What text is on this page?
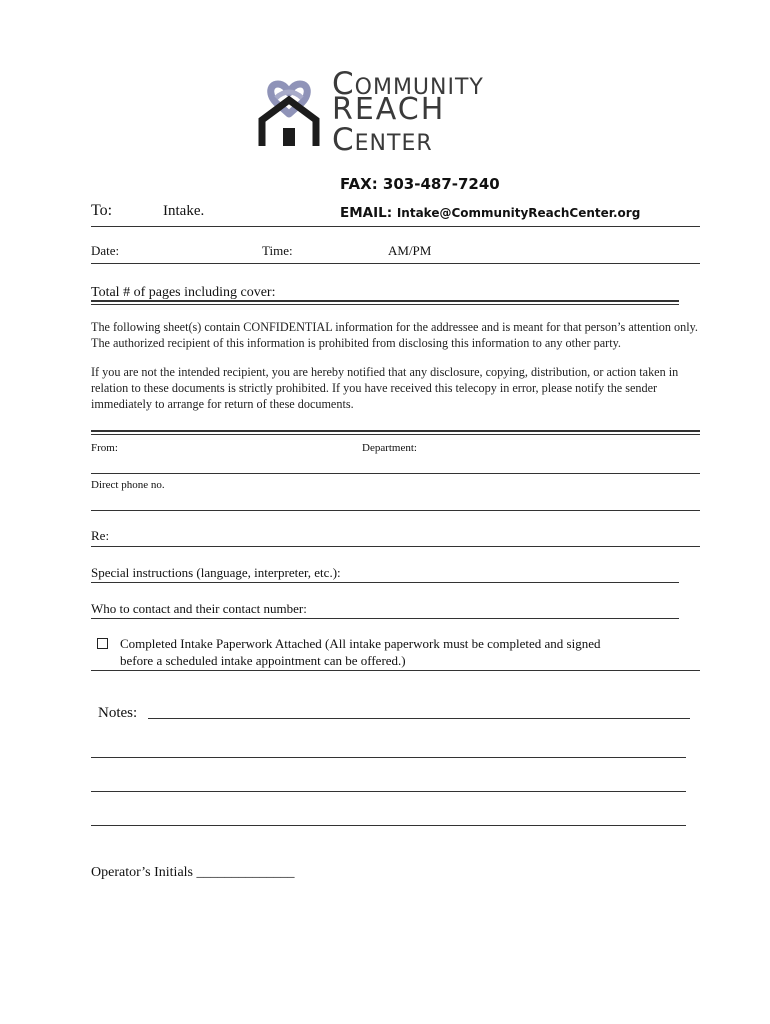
COMMUNITY
REACH
CENTER
FAX: 303-487-7240
To:	Intake.	EMAIL: Intake@CommunityReachCenter.org
Date:	Time:	AM/PM
Total # of pages including cover:
The following sheet(s) contain CONFIDENTIAL information for the addressee and is meant for that person’s attention only. The authorized recipient of this information is prohibited from disclosing this information to any other party.
If you are not the intended recipient, you are hereby notified that any disclosure, copying, distribution, or action taken in relation to these documents is strictly prohibited. If you have received this telecopy in error, please notify the sender immediately to arrange for return of these documents.
From:	Department:
Direct phone no.
Re:
Special instructions (language, interpreter, etc.):
Who to contact and their contact number:
Completed Intake Paperwork Attached (All intake paperwork must be completed and signed
before a scheduled intake appointment can be offered.)
Notes:
Operator’s Initials ______________
